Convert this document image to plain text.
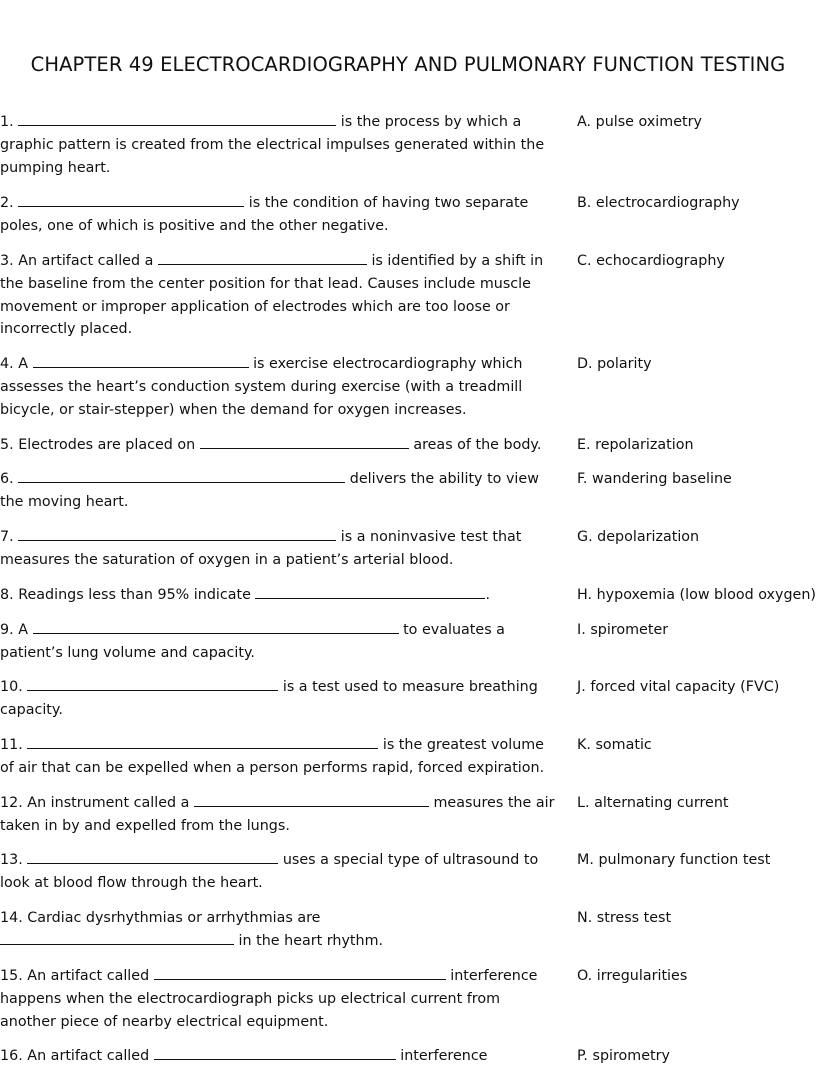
CHAPTER 49 ELECTROCARDIOGRAPHY AND PULMONARY FUNCTION TESTING
1.	is the process by which a graphic pattern is created from the electrical impulses generated within the pumping heart.
2.	is the condition of having two separate poles, one of which is positive and the other negative.
3. An artifact called a	is identified by a shift in the baseline from the center position for that lead. Causes include muscle movement or improper application of electrodes which are too loose or incorrectly placed.
4. A	is exercise electrocardiography which assesses the heart’s conduction system during exercise (with a treadmill bicycle, or stair-stepper) when the demand for oxygen increases.
5. Electrodes are placed on	areas of the body.
6.	delivers the ability to view the moving heart.
7.	is a noninvasive test that measures the saturation of oxygen in a patient’s arterial blood.
8. Readings less than 95% indicate	.
9. A	to evaluates a patient’s lung volume and capacity.
10.	is a test used to measure breathing capacity.
11.	is the greatest volume of air that can be expelled when a person performs rapid, forced expiration.
12. An instrument called a	measures the air taken in by and expelled from the lungs.
13.	uses a special type of ultrasound to look at blood flow through the heart.
14. Cardiac dysrhythmias or arrhythmias are
in the heart rhythm.
15. An artifact called	interference happens when the electrocardiograph picks up electrical current from another piece of nearby electrical equipment.
16. An artifact called	interference
A. pulse oximetry
B. electrocardiography
C. echocardiography
D. polarity
E. repolarization
F. wandering baseline
G. depolarization
H. hypoxemia (low blood oxygen)
I. spirometer
J. forced vital capacity (FVC)
K. somatic
L. alternating current
M. pulmonary function test
N. stress test
O. irregularities
P. spirometry
